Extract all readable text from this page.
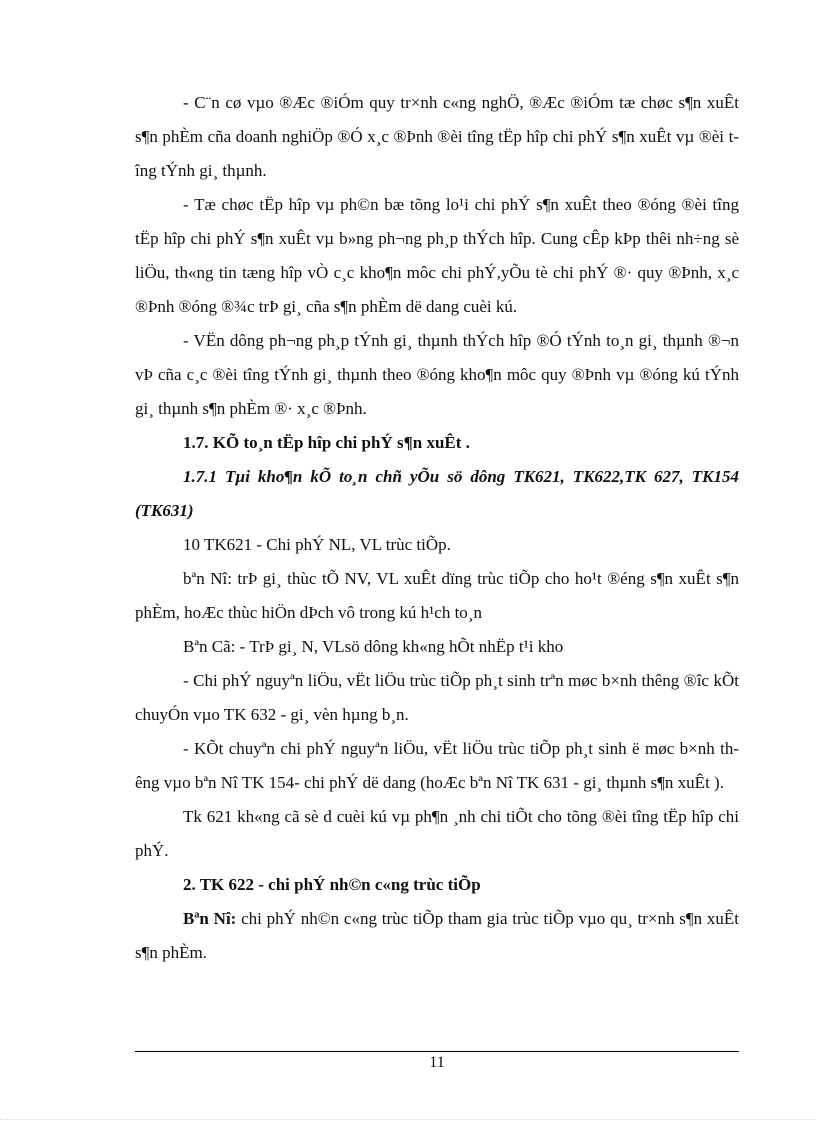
- C¨n cø vµo ®Æc ®iÓm quy tr×nh c«ng nghÖ, ®Æc ®iÓm tæ chøc s¶n xuÊt s¶n phÈm cña doanh nghiÖp ®Ó x¸c ®Þnh ®èi tîng tËp hîp chi phÝ s¶n xuÊt vµ ®èi tîng tÝnh gi¸ thµnh.

- Tæ chøc tËp hîp vµ ph©n bæ tõng lo¹i chi phÝ s¶n xuÊt theo ®óng ®èi tîng tËp hîp chi phÝ s¶n xuÊt vµ b»ng ph¬ng ph¸p thÝch hîp. Cung cÊp kÞp thêi nh÷ng sè liÖu, th«ng tin tæng hîp vÒ c¸c kho¶n môc chi phÝ,yÕu tè chi phÝ ®· quy ®Þnh, x¸c ®Þnh ®óng ®¾c trÞ gi¸ cña s¶n phÈm dë dang cuèi kú.

- VËn dông ph¬ng ph¸p tÝnh gi¸ thµnh thÝch hîp ®Ó tÝnh to¸n gi¸ thµnh ®¬n vÞ cña c¸c ®èi tîng tÝnh gi¸ thµnh theo ®óng kho¶n môc quy ®Þnh vµ ®óng kú tÝnh gi¸ thµnh s¶n phÈm ®· x¸c ®Þnh.

1.7. KÕ to¸n tËp hîp chi phÝ s¶n xuÊt .

1.7.1 Tµi kho¶n kÕ to¸n chñ yÕu sö dông TK621, TK622,TK 627, TK154 (TK631)

10 TK621 - Chi phÝ NL, VL trùc tiÕp.

bªn Nî: trÞ gi¸ thùc tÕ NV, VL xuÊt dïng trùc tiÕp cho ho¹t ®éng s¶n xuÊt s¶n phÈm, hoÆc thùc hiÖn dÞch vô trong kú h¹ch to¸n

Bªn Cã: - TrÞ gi¸ N, VLsö dông kh«ng hÕt nhËp t¹i kho

- Chi phÝ nguyªn liÖu, vËt liÖu trùc tiÕp ph¸t sinh trªn møc b×nh thêng ®îc kÕt chuyÓn vµo TK 632 - gi¸ vèn hµng b¸n.

- KÕt chuyªn chi phÝ nguyªn liÖu, vËt liÖu trùc tiÕp ph¸t sinh ë møc b×nh thêng vµo bªn Nî TK 154- chi phÝ dë dang (hoÆc bªn Nî TK 631 - gi¸ thµnh s¶n xuÊt ).

Tk 621 kh«ng cã sè d cuèi kú vµ ph¶n ¸nh chi tiÕt cho tõng ®èi tîng tËp hîp chi phÝ.

2. TK 622 - chi phÝ nh©n c«ng trùc tiÕp

Bªn Nî: chi phÝ nh©n c«ng trùc tiÕp tham gia trùc tiÕp vµo qu¸ tr×nh s¶n xuÊt s¶n phÈm.

11
